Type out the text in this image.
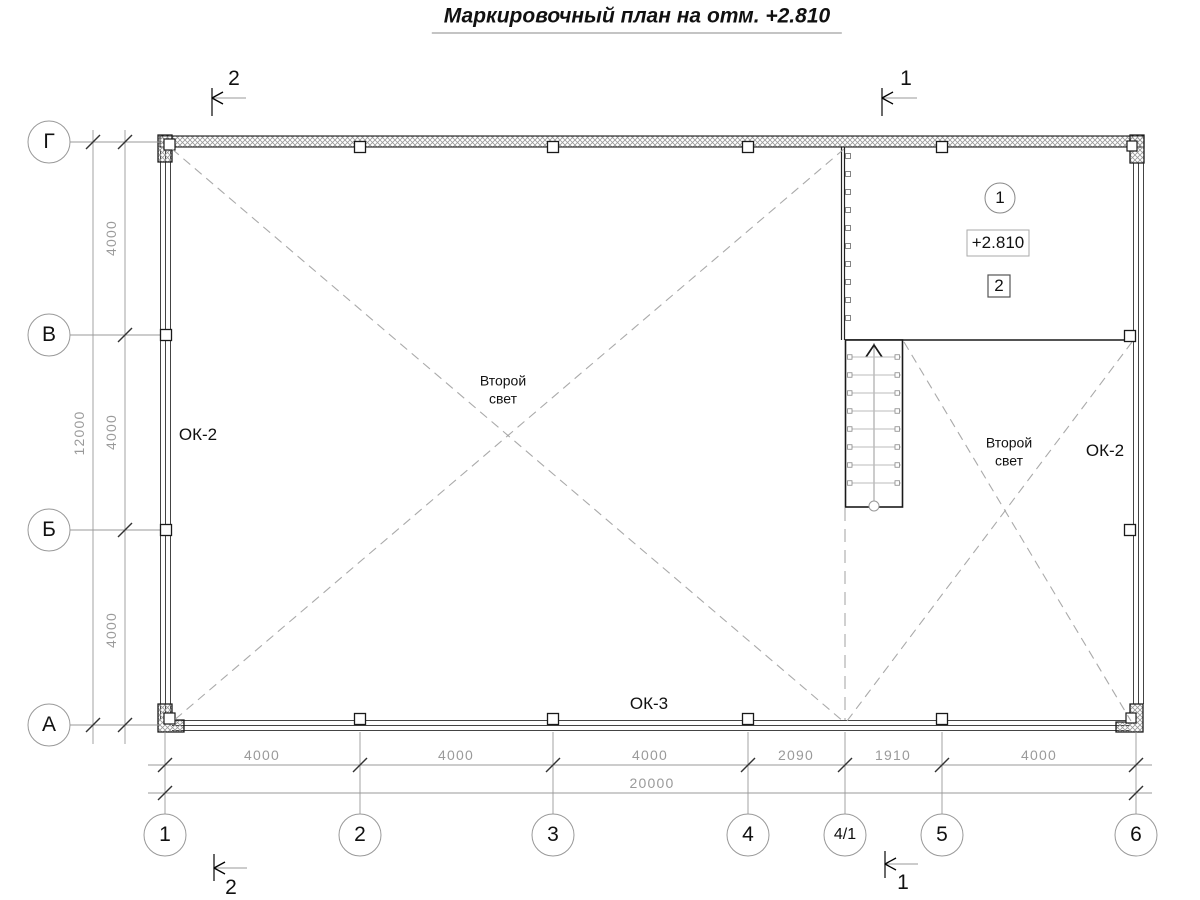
Маркировочный план на отм. +2.810
Г
В
Б
А
1	2	3	4	4/1	5	6
2	1
2	1
4000	4000	4000	2090	1910	4000
20000
4000
4000
4000
12000	ОК-2
ОК-2
ОК-3
Второй свет
Второй свет
1
+2.810
2
